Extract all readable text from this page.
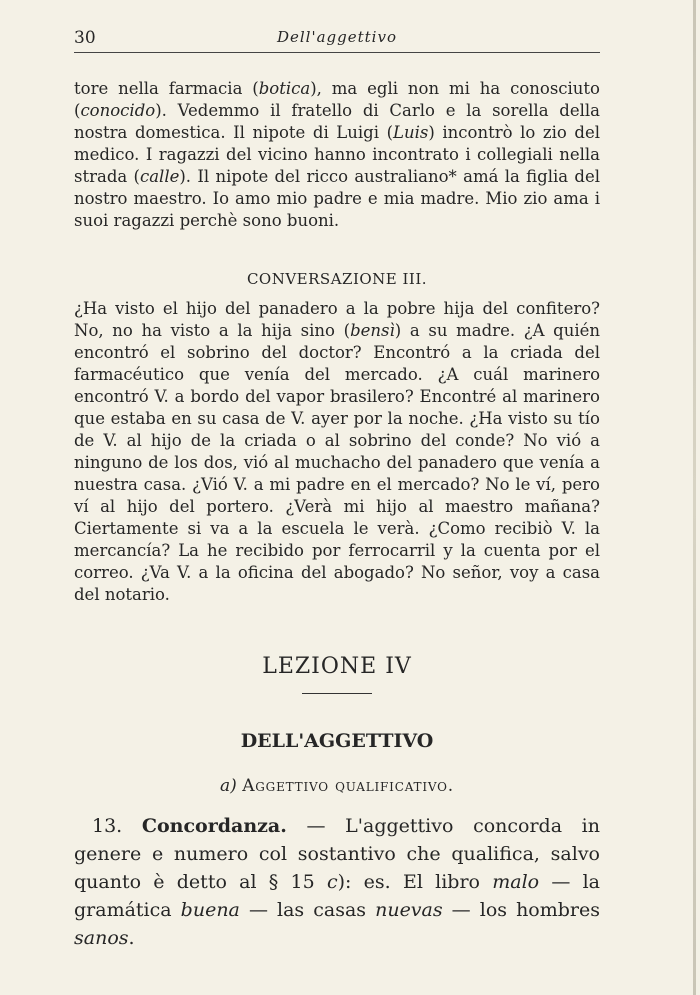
30	Dell'aggettivo

tore nella farmacia (botica), ma egli non mi ha conosciuto (conocido). Vedemmo il fratello di Carlo e la sorella della nostra domestica. Il nipote di Luigi (Luis) incontrò lo zio del medico. I ragazzi del vicino hanno incontrato i collegiali nella strada (calle). Il nipote del ricco australiano* amá la figlia del nostro maestro. Io amo mio padre e mia madre. Mio zio ama i suoi ragazzi perchè sono buoni.

CONVERSAZIONE III.

¿Ha visto el hijo del panadero a la pobre hija del confitero? No, no ha visto a la hija sino (bensì) a su madre. ¿A quién encontró el sobrino del doctor? Encontró a la criada del farmacéutico que venía del mercado. ¿A cuál marinero encontró V. a bordo del vapor brasilero? Encontré al marinero que estaba en su casa de V. ayer por la noche. ¿Ha visto su tío de V. al hijo de la criada o al sobrino del conde? No vió a ninguno de los dos, vió al muchacho del panadero que venía a nuestra casa. ¿Vió V. a mi padre en el mercado? No le ví, pero ví al hijo del portero. ¿Verà mi hijo al maestro mañana? Ciertamente si va a la escuela le verà. ¿Como recibiò V. la mercancía? La he recibido por ferrocarril y la cuenta por el correo. ¿Va V. a la oficina del abogado? No señor, voy a casa del notario.

LEZIONE IV
DELL'AGGETTIVO
a) Aggettivo qualificativo.

13. Concordanza. — L'aggettivo concorda in genere e numero col sostantivo che qualifica, salvo quanto è detto al § 15 c): es. El libro malo — la gramática buena — las casas nuevas — los hombres sanos.
